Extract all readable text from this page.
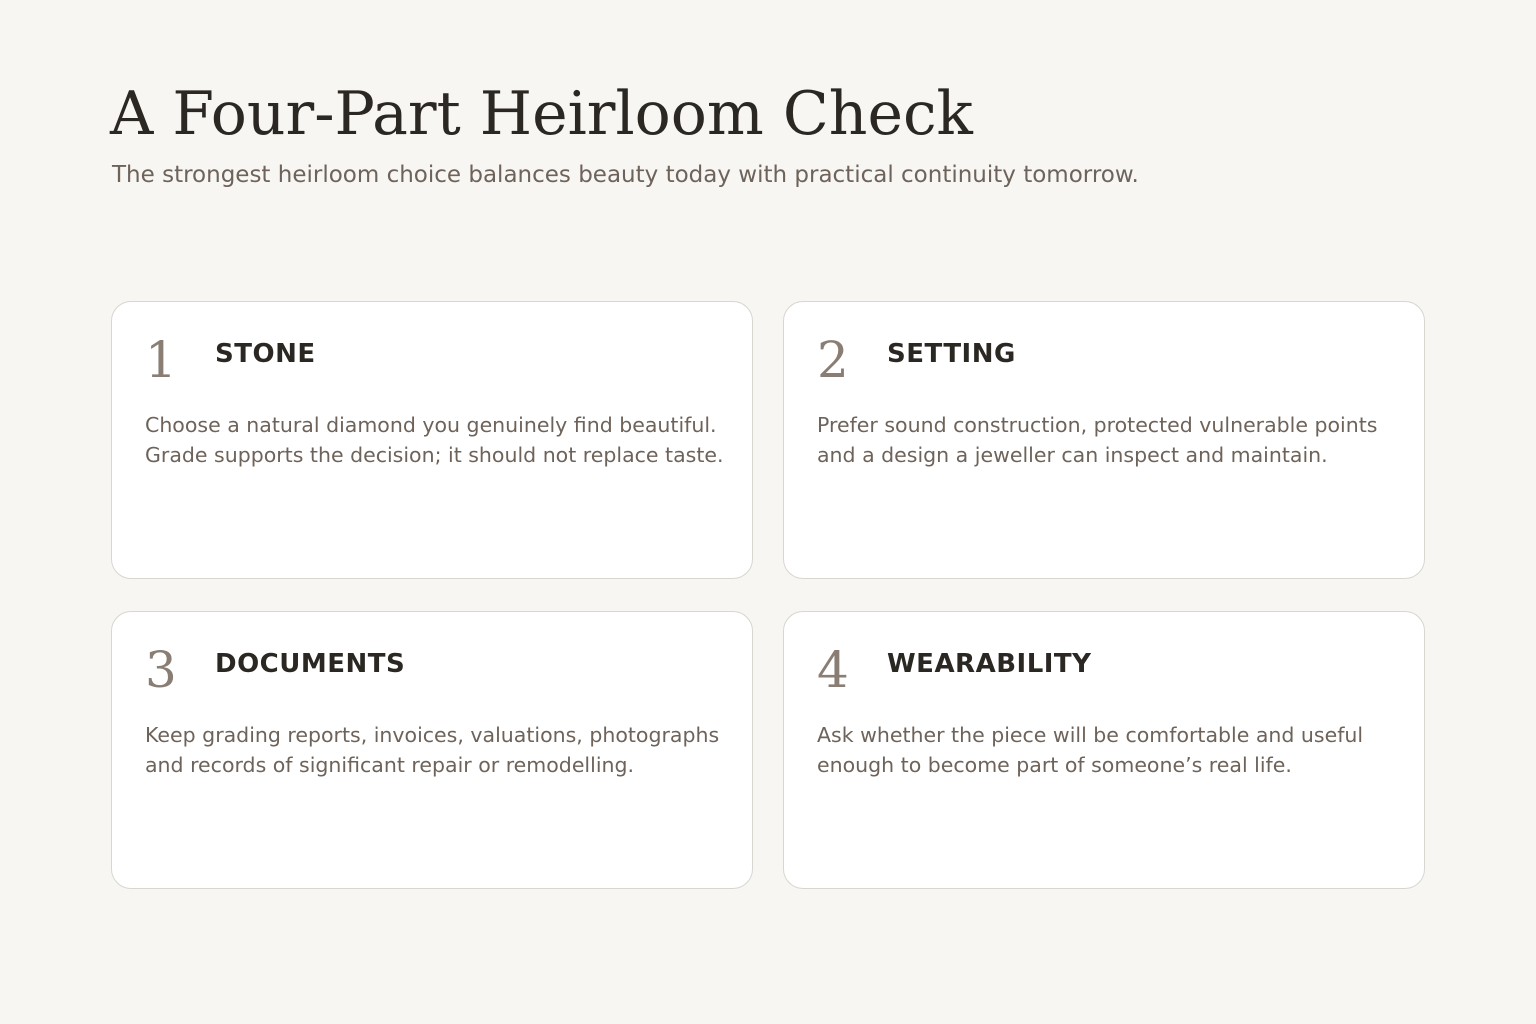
A Four-Part Heirloom Check

The strongest heirloom choice balances beauty today with practical continuity tomorrow.

1 STONE

Choose a natural diamond you genuinely find beautiful. Grade supports the decision; it should not replace taste.

2 SETTING

Prefer sound construction, protected vulnerable points and a design a jeweller can inspect and maintain.

3 DOCUMENTS

Keep grading reports, invoices, valuations, photographs and records of significant repair or remodelling.

4 WEARABILITY

Ask whether the piece will be comfortable and useful enough to become part of someone’s real life.
